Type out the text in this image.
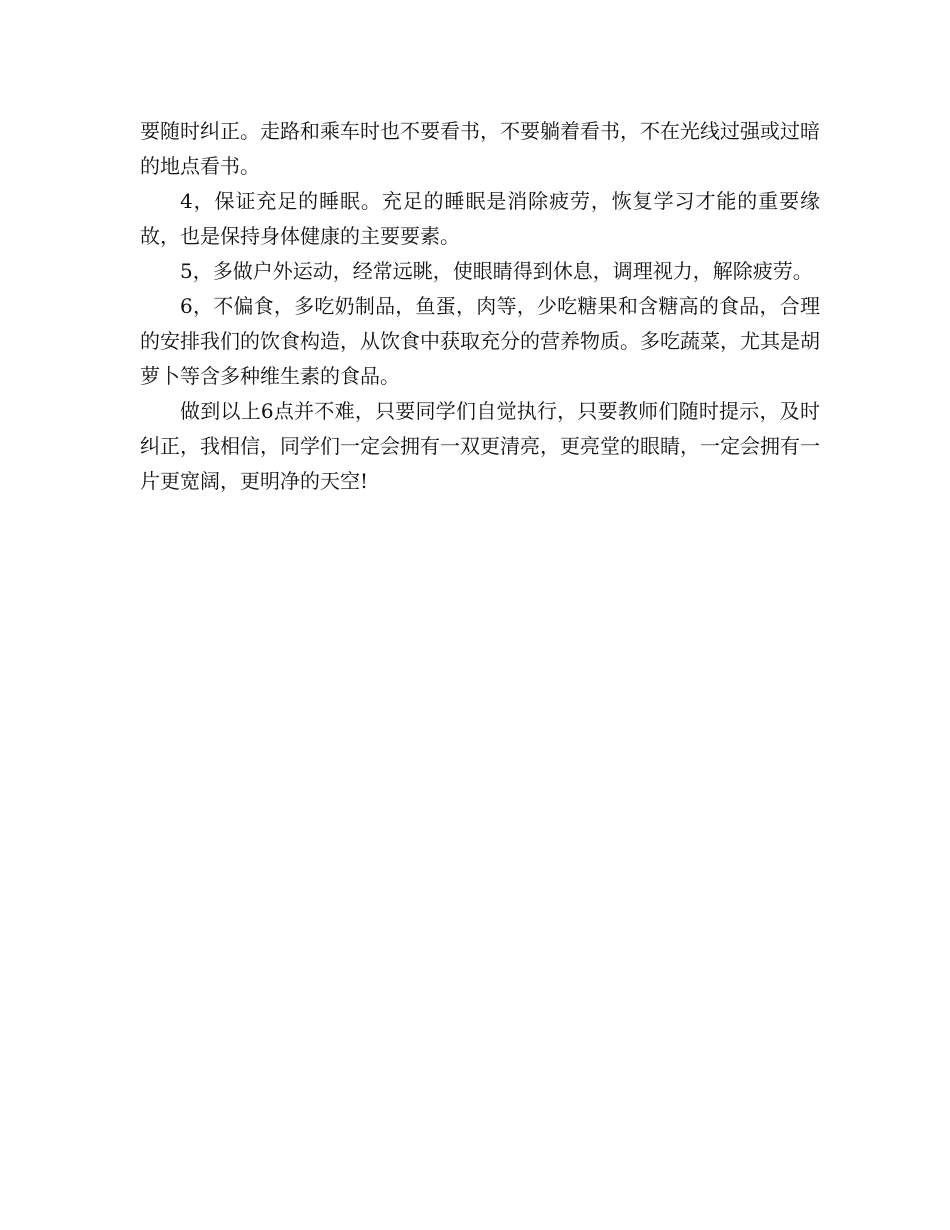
要随时纠正。走路和乘车时也不要看书，不要躺着看书，不在光线过强或过暗的地点看书。

4，保证充足的睡眠。充足的睡眠是消除疲劳，恢复学习才能的重要缘故，也是保持身体健康的主要要素。

5，多做户外运动，经常远眺，使眼睛得到休息，调理视力，解除疲劳。

6，不偏食，多吃奶制品，鱼蛋，肉等，少吃糖果和含糖高的食品，合理的安排我们的饮食构造，从饮食中获取充分的营养物质。多吃蔬菜，尤其是胡萝卜等含多种维生素的食品。

做到以上6点并不难，只要同学们自觉执行，只要教师们随时提示，及时纠正，我相信，同学们一定会拥有一双更清亮，更亮堂的眼睛，一定会拥有一片更宽阔，更明净的天空!
